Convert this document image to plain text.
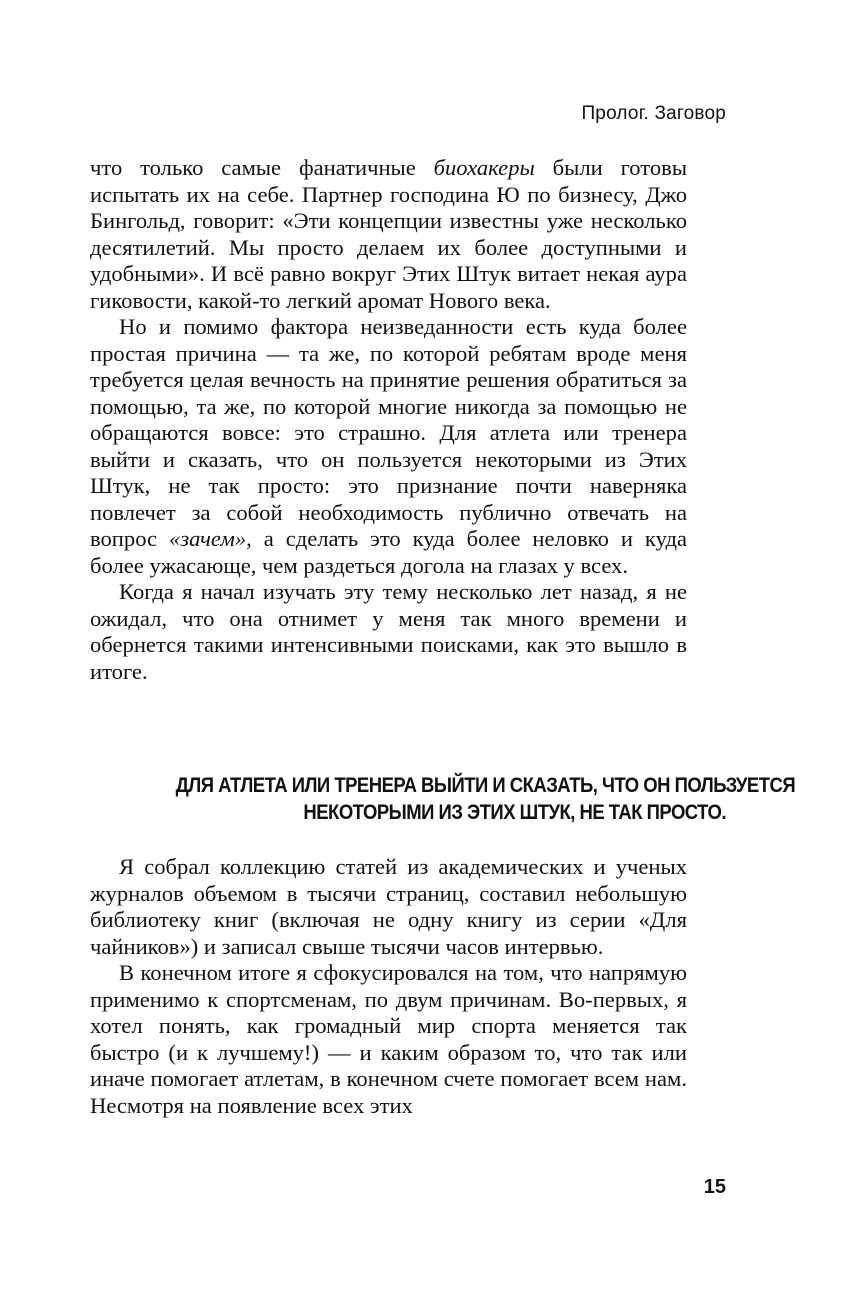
Пролог. Заговор

что только самые фанатичные биохакеры были готовы испытать их на себе. Партнер господина Ю по бизнесу, Джо Бингольд, говорит: «Эти концепции известны уже несколько десятилетий. Мы просто делаем их более доступными и удобными». И всё равно вокруг Этих Штук витает некая аура гиковости, какой-то легкий аромат Нового века.

Но и помимо фактора неизведанности есть куда более простая причина — та же, по которой ребятам вроде меня требуется целая вечность на принятие решения обратиться за помощью, та же, по которой многие никогда за помощью не обращаются вовсе: это страшно. Для атлета или тренера выйти и сказать, что он пользуется некоторыми из Этих Штук, не так просто: это признание почти наверняка повлечет за собой необходимость публично отвечать на вопрос «зачем», а сделать это куда более неловко и куда более ужасающе, чем раздеться догола на глазах у всех.

Когда я начал изучать эту тему несколько лет назад, я не ожидал, что она отнимет у меня так много времени и обернется такими интенсивными поисками, как это вышло в итоге.

ДЛЯ АТЛЕТА ИЛИ ТРЕНЕРА ВЫЙТИ И СКАЗАТЬ, ЧТО ОН ПОЛЬЗУЕТСЯ
НЕКОТОРЫМИ ИЗ ЭТИХ ШТУК, НЕ ТАК ПРОСТО.

Я собрал коллекцию статей из академических и ученых журналов объемом в тысячи страниц, составил небольшую библиотеку книг (включая не одну книгу из серии «Для чайников») и записал свыше тысячи часов интервью.

В конечном итоге я сфокусировался на том, что напрямую применимо к спортсменам, по двум причинам. Во-первых, я хотел понять, как громадный мир спорта меняется так быстро (и к лучшему!) — и каким образом то, что так или иначе помогает атлетам, в конечном счете помогает всем нам. Несмотря на появление всех этих

15
